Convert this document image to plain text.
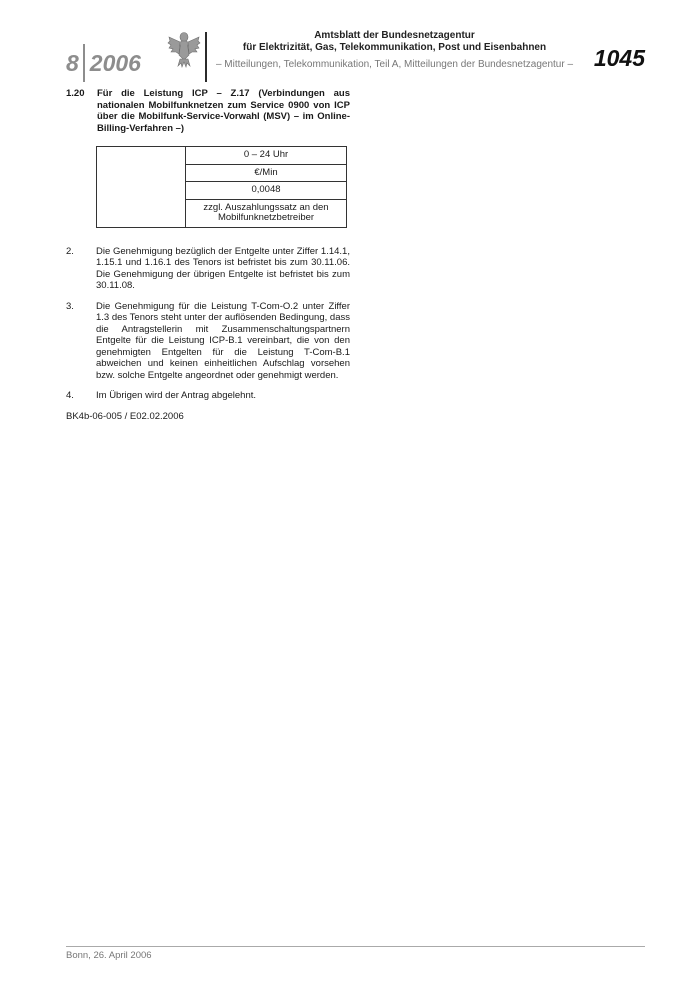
8 2006
Amtsblatt der Bundesnetzagentur
für Elektrizität, Gas, Telekommunikation, Post und Eisenbahnen
– Mitteilungen, Telekommunikation, Teil A, Mitteilungen der Bundesnetzagentur – 1045
1.20	Für die Leistung ICP – Z.17 (Verbindungen aus nationalen Mobilfunknetzen zum Service 0900 von ICP über die Mobilfunk-Service-Vorwahl (MSV) – im Online-Billing-Verfahren –)
	0 – 24 Uhr
€/Min
0,0048
zzgl. Auszahlungssatz an den Mobilfunknetzbetreiber
2.	Die Genehmigung bezüglich der Entgelte unter Ziffer 1.14.1, 1.15.1 und 1.16.1 des Tenors ist befristet bis zum 30.11.06. Die Genehmigung der übrigen Entgelte ist befristet bis zum 30.11.08.
3.	Die Genehmigung für die Leistung T-Com-O.2 unter Ziffer 1.3 des Tenors steht unter der auflösenden Bedingung, dass die Antragstellerin mit Zusammenschaltungspartnern Entgelte für die Leistung ICP-B.1 vereinbart, die von den genehmigten Entgelten für die Leistung T-Com-B.1 abweichen und keinen einheitlichen Aufschlag vorsehen bzw. solche Entgelte angeordnet oder genehmigt werden.
4.	Im Übrigen wird der Antrag abgelehnt.
BK4b-06-005 / E02.02.2006
Bonn, 26. April 2006
